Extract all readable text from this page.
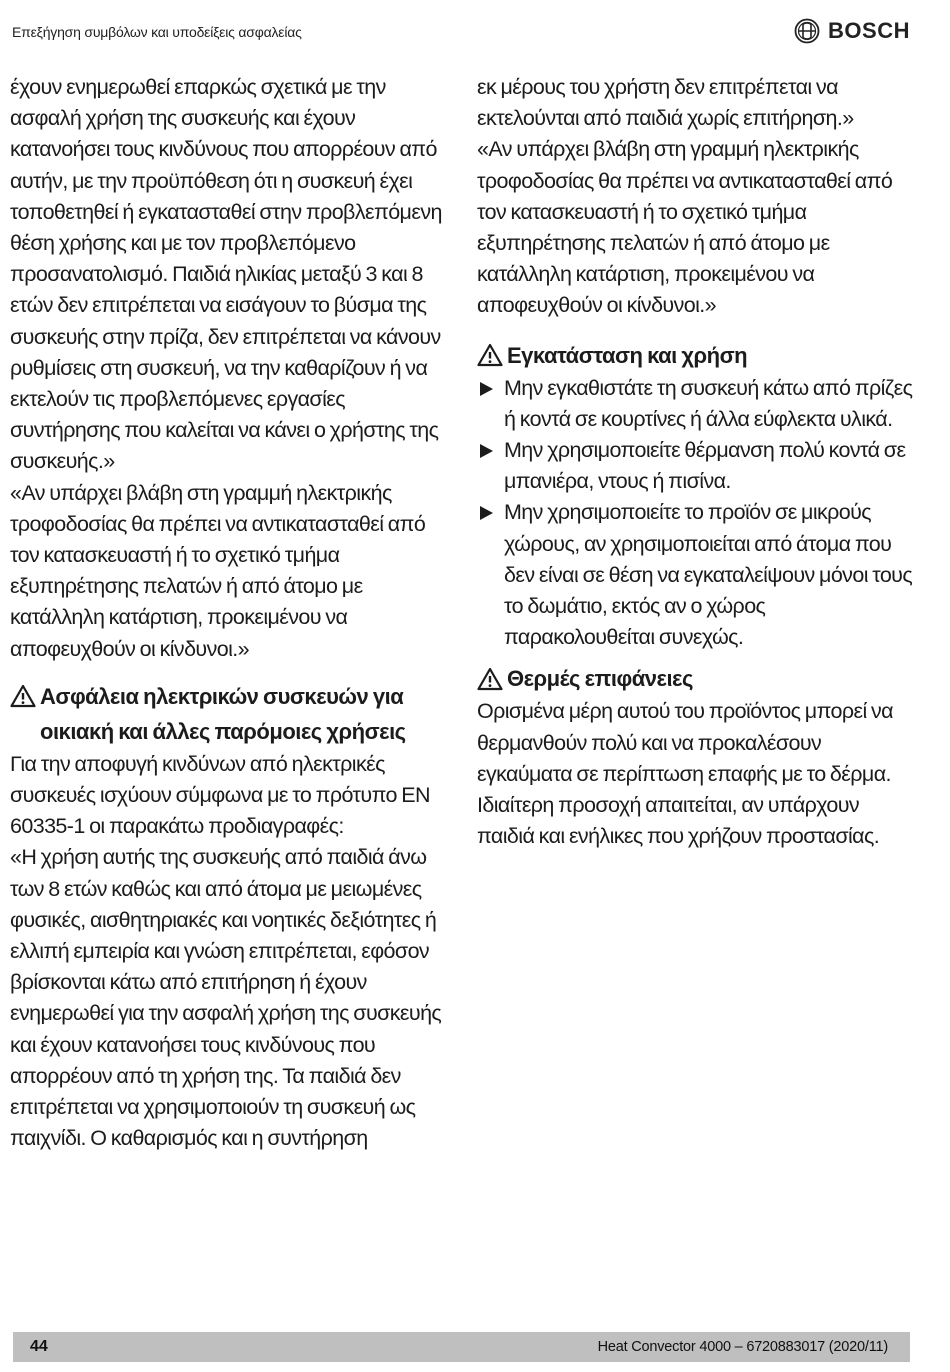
Επεξήγηση συμβόλων και υποδείξεις ασφαλείας	BOSCH

έχουν ενημερωθεί επαρκώς σχετικά με την ασφαλή χρήση της συσκευής και έχουν κατανοήσει τους κινδύνους που απορρέουν από αυτήν, με την προϋπόθεση ότι η συσκευή έχει τοποθετηθεί ή εγκατασταθεί στην προβλεπόμενη θέση χρήσης και με τον προβλεπόμενο προσανατολισμό. Παιδιά ηλικίας μεταξύ 3 και 8 ετών δεν επιτρέπεται να εισάγουν το βύσμα της συσκευής στην πρίζα, δεν επιτρέπεται να κάνουν ρυθμίσεις στη συσκευή, να την καθαρίζουν ή να εκτελούν τις προβλεπόμενες εργασίες συντήρησης που καλείται να κάνει ο χρήστης της συσκευής.»

«Αν υπάρχει βλάβη στη γραμμή ηλεκτρικής τροφοδοσίας θα πρέπει να αντικατασταθεί από τον κατασκευαστή ή το σχετικό τμήμα εξυπηρέτησης πελατών ή από άτομο με κατάλληλη κατάρτιση, προκειμένου να αποφευχθούν οι κίνδυνοι.»

Ασφάλεια ηλεκτρικών συσκευών για οικιακή και άλλες παρόμοιες χρήσεις

Για την αποφυγή κινδύνων από ηλεκτρικές συσκευές ισχύουν σύμφωνα με το πρότυπο EN 60335-1 οι παρακάτω προδιαγραφές:

«Η χρήση αυτής της συσκευής από παιδιά άνω των 8 ετών καθώς και από άτομα με μειωμένες φυσικές, αισθητηριακές και νοητικές δεξιότητες ή ελλιπή εμπειρία και γνώση επιτρέπεται, εφόσον βρίσκονται κάτω από επιτήρηση ή έχουν ενημερωθεί για την ασφαλή χρήση της συσκευής και έχουν κατανοήσει τους κινδύνους που απορρέουν από τη χρήση της. Τα παιδιά δεν επιτρέπεται να χρησιμοποιούν τη συσκευή ως παιχνίδι. Ο καθαρισμός και η συντήρηση

εκ μέρους του χρήστη δεν επιτρέπεται να εκτελούνται από παιδιά χωρίς επιτήρηση.»

«Αν υπάρχει βλάβη στη γραμμή ηλεκτρικής τροφοδοσίας θα πρέπει να αντικατασταθεί από τον κατασκευαστή ή το σχετικό τμήμα εξυπηρέτησης πελατών ή από άτομο με κατάλληλη κατάρτιση, προκειμένου να αποφευχθούν οι κίνδυνοι.»

Εγκατάσταση και χρήση
Μην εγκαθιστάτε τη συσκευή κάτω από πρίζες ή κοντά σε κουρτίνες ή άλλα εύφλεκτα υλικά.
Μην χρησιμοποιείτε θέρμανση πολύ κοντά σε μπανιέρα, ντους ή πισίνα.
Μην χρησιμοποιείτε το προϊόν σε μικρούς χώρους, αν χρησιμοποιείται από άτομα που δεν είναι σε θέση να εγκαταλείψουν μόνοι τους το δωμάτιο, εκτός αν ο χώρος παρακολουθείται συνεχώς.
Θερμές επιφάνειες

Ορισμένα μέρη αυτού του προϊόντος μπορεί να θερμανθούν πολύ και να προκαλέσουν εγκαύματα σε περίπτωση επαφής με το δέρμα. Ιδιαίτερη προσοχή απαιτείται, αν υπάρχουν παιδιά και ενήλικες που χρήζουν προστασίας.

44	Heat Convector 4000 – 6720883017 (2020/11)
